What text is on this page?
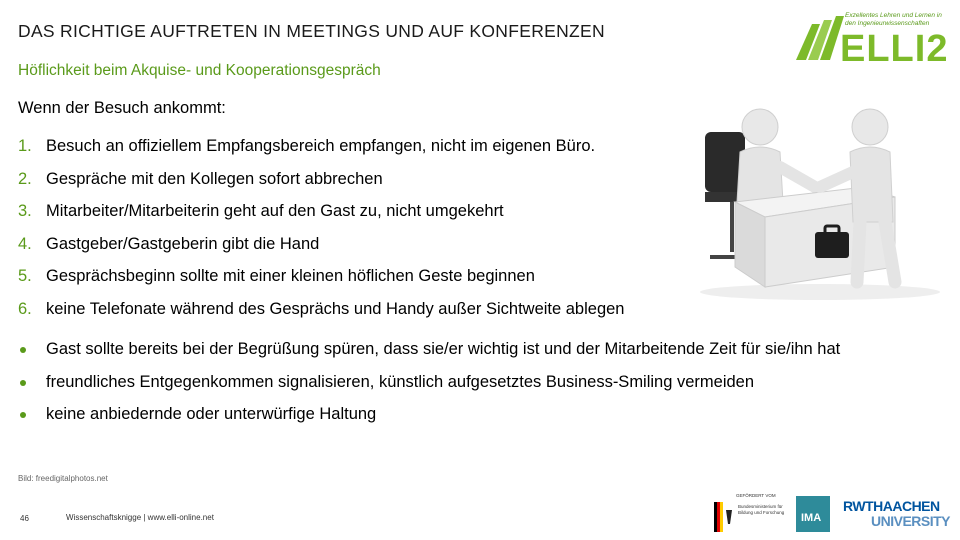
DAS RICHTIGE AUFTRETEN IN MEETINGS UND AUF KONFERENZEN
Höflichkeit beim Akquise- und Kooperationsgespräch
Wenn der Besuch ankommt:
1. Besuch an offiziellem Empfangsbereich empfangen, nicht im eigenen Büro.
2. Gespräche mit den Kollegen sofort abbrechen
3. Mitarbeiter/Mitarbeiterin geht auf den Gast zu, nicht umgekehrt
4. Gastgeber/Gastgeberin gibt die Hand
5. Gesprächsbeginn sollte mit einer kleinen höflichen Geste beginnen
6. keine Telefonate während des Gesprächs und Handy außer Sichtweite ablegen
Gast sollte bereits bei der Begrüßung spüren, dass sie/er wichtig ist und der Mitarbeitende Zeit für sie/ihn hat
freundliches Entgegenkommen signalisieren, künstlich aufgesetztes Business-Smiling vermeiden
keine anbiedernde oder unterwürfige Haltung
Bild: freedigitalphotos.net
46	Wissenschaftsknigge | www.elli-online.net
Exzellentes Lehren und Lernen in den Ingenieurwissenschaften
ELLI2
GEFÖRDERT VOM
Bundesministerium für Bildung und Forschung	IMA
RWTHAACHEN
UNIVERSITY
